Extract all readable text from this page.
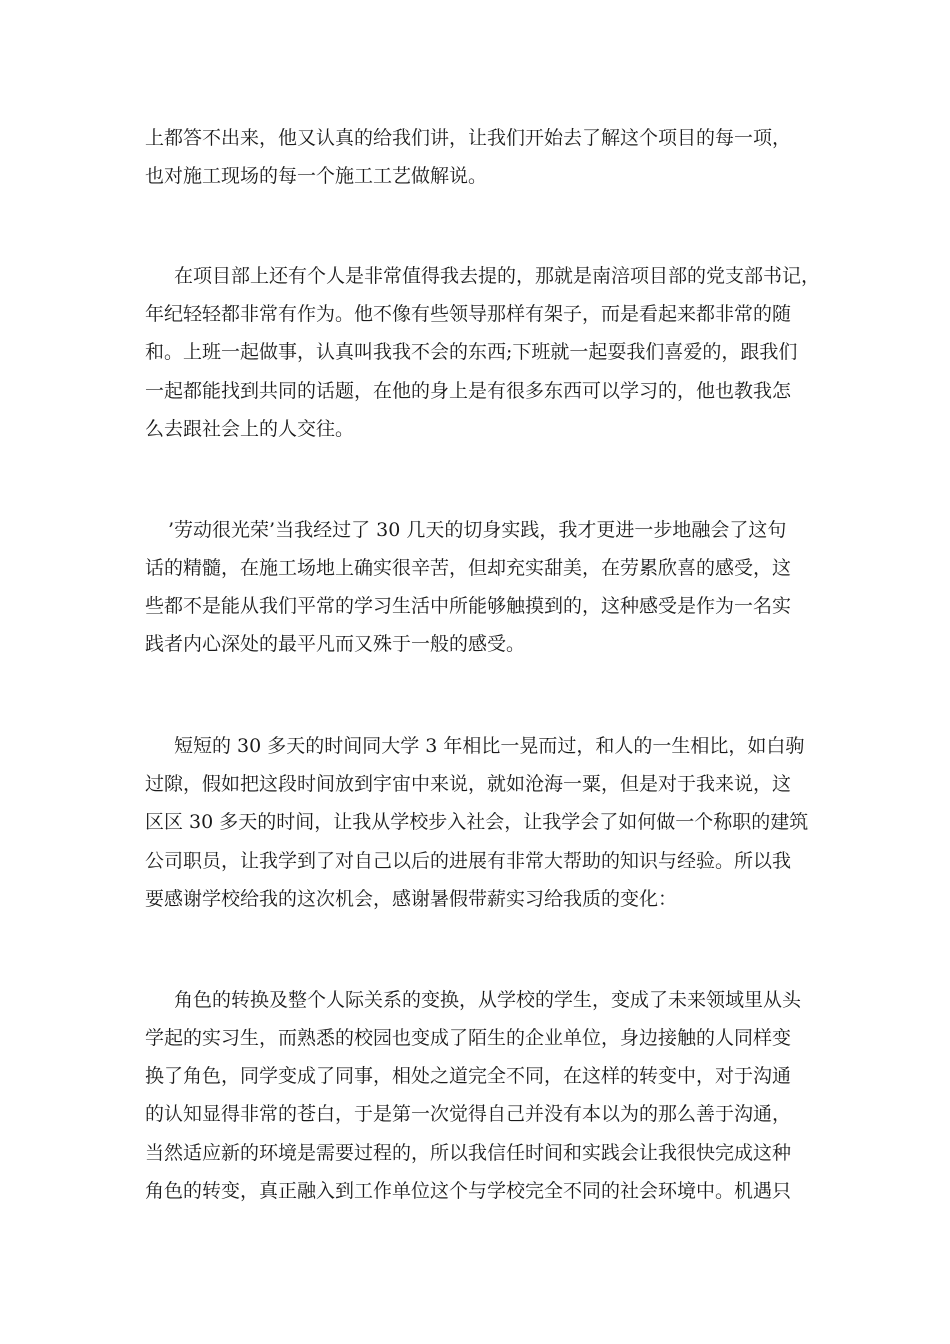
上都答不出来，他又认真的给我们讲，让我们开始去了解这个项目的每一项，
也对施工现场的每一个施工工艺做解说。
在项目部上还有个人是非常值得我去提的，那就是南涪项目部的党支部书记，
年纪轻轻都非常有作为。他不像有些领导那样有架子，而是看起来都非常的随
和。上班一起做事，认真叫我我不会的东西;下班就一起耍我们喜爱的，跟我们
一起都能找到共同的话题，在他的身上是有很多东西可以学习的，他也教我怎
么去跟社会上的人交往。
’劳动很光荣’当我经过了 30 几天的切身实践，我才更进一步地融会了这句
话的精髓，在施工场地上确实很辛苦，但却充实甜美，在劳累欣喜的感受，这
些都不是能从我们平常的学习生活中所能够触摸到的，这种感受是作为一名实
践者内心深处的最平凡而又殊于一般的感受。
短短的 30 多天的时间同大学 3 年相比一晃而过，和人的一生相比，如白驹
过隙，假如把这段时间放到宇宙中来说，就如沧海一粟，但是对于我来说，这
区区 30 多天的时间，让我从学校步入社会，让我学会了如何做一个称职的建筑
公司职员，让我学到了对自己以后的进展有非常大帮助的知识与经验。所以我
要感谢学校给我的这次机会，感谢暑假带薪实习给我质的变化：
角色的转换及整个人际关系的变换，从学校的学生，变成了未来领域里从头
学起的实习生，而熟悉的校园也变成了陌生的企业单位，身边接触的人同样变
换了角色，同学变成了同事，相处之道完全不同，在这样的转变中，对于沟通
的认知显得非常的苍白，于是第一次觉得自己并没有本以为的那么善于沟通，
当然适应新的环境是需要过程的，所以我信任时间和实践会让我很快完成这种
角色的转变，真正融入到工作单位这个与学校完全不同的社会环境中。机遇只
